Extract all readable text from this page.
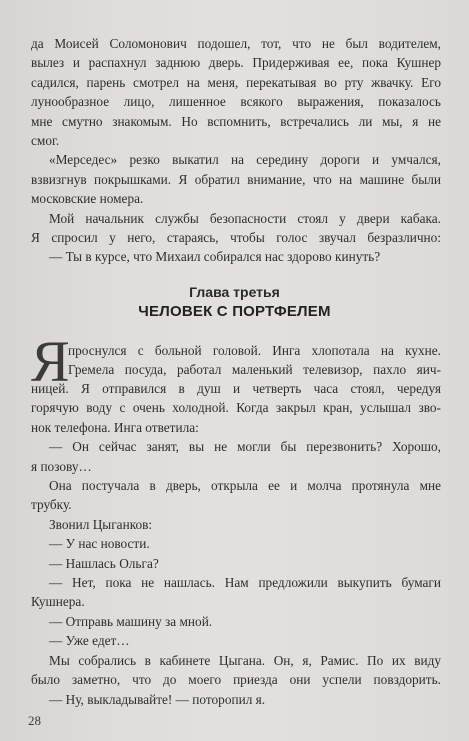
да Моисей Соломонович подошел, тот, что не был водителем,
вылез и распахнул заднюю дверь. Придерживая ее, пока Кушнер
садился, парень смотрел на меня, перекатывая во рту жвачку. Его
лунообразное лицо, лишенное всякого выражения, показалось
мне смутно знакомым. Но вспомнить, встречались ли мы, я не
смог.
«Мерседес» резко выкатил на середину дороги и умчался,
взвизгнув покрышками. Я обратил внимание, что на машине были
московские номера.
Мой начальник службы безопасности стоял у двери кабака.
Я спросил у него, стараясь, чтобы голос звучал безразлично:
— Ты в курсе, что Михаил собирался нас здорово кинуть?
Глава третья
ЧЕЛОВЕК С ПОРТФЕЛЕМ
Я
проснулся с больной головой. Инга хлопотала на кухне.
Гремела посуда, работал маленький телевизор, пахло яич-
ницей. Я отправился в душ и четверть часа стоял, чередуя
горячую воду с очень холодной. Когда закрыл кран, услышал зво-
нок телефона. Инга ответила:
— Он сейчас занят, вы не могли бы перезвонить? Хорошо,
я позову…
Она постучала в дверь, открыла ее и молча протянула мне
трубку.
Звонил Цыганков:
— У нас новости.
— Нашлась Ольга?
— Нет, пока не нашлась. Нам предложили выкупить бумаги
Кушнера.
— Отправь машину за мной.
— Уже едет…
Мы собрались в кабинете Цыгана. Он, я, Рамис. По их виду
было заметно, что до моего приезда они успели повздорить.
— Ну, выкладывайте! — поторопил я.
28
